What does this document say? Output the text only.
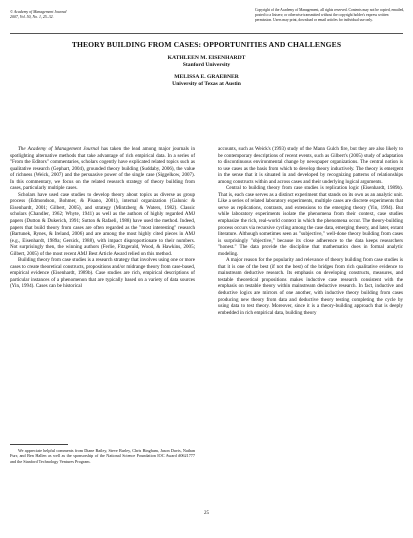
© Academy of Management Journal
2007, Vol. 50, No. 1, 25–32.
Copyright of the Academy of Management, all rights reserved. Contents may not be copied, emailed, posted to a listserv, or otherwise transmitted without the copyright holder's express written permission. Users may print, download or email articles for individual use only.
THEORY BUILDING FROM CASES: OPPORTUNITIES AND CHALLENGES
KATHLEEN M. EISENHARDT
Stanford University
MELISSA E. GRAEBNER
University of Texas at Austin

The Academy of Management Journal has taken the lead among major journals in spotlighting alternative methods that take advantage of rich empirical data. In a series of "From the Editors" commentaries, scholars cogently have explicated related topics such as qualitative research (Gephart, 2004), grounded theory building (Suddaby, 2006), the value of richness (Weick, 2007) and the persuasive power of the single case (Siggelkow, 2007). In this commentary, we focus on the related research strategy of theory building from cases, particularly multiple cases.

Scholars have used case studies to develop theory about topics as diverse as group process (Edmondson, Bohmer, & Pisano, 2001), internal organization (Galunic & Eisenhardt, 2001; Gilbert, 2005), and strategy (Mintzberg & Waters, 1982). Classic scholars (Chandler, 1962; Whyte, 1941) as well as the authors of highly regarded AMJ papers (Dutton & Dukerich, 1991; Sutton & Rafaeli, 1988) have used the method. Indeed, papers that build theory from cases are often regarded as the "most interesting" research (Bartunek, Rynes, & Ireland, 2006) and are among the most highly cited pieces in AMJ (e.g., Eisenhardt, 1989a; Gersick, 1988), with impact disproportionate to their numbers. Not surprisingly then, the winning authors (Ferlie, Fitzgerald, Wood, & Hawkins, 2005; Gilbert, 2005) of the most recent AMJ Best Article Award relied on this method.

Building theory from case studies is a research strategy that involves using one or more cases to create theoretical constructs, propositions and/or midrange theory from case-based, empirical evidence (Eisenhardt, 1989b). Case studies are rich, empirical descriptions of particular instances of a phenomenon that are typically based on a variety of data sources (Yin, 1994). Cases can be historical

accounts, such as Weick's (1993) study of the Mann Gulch fire, but they are also likely to be contemporary descriptions of recent events, such as Gilbert's (2005) study of adaptation to discontinuous environmental change by newspaper organizations. The central notion is to use cases as the basis from which to develop theory inductively. The theory is emergent in the sense that it is situated in and developed by recognizing patterns of relationships among constructs within and across cases and their underlying logical arguments.

Central to building theory from case studies is replication logic (Eisenhardt, 1989b). That is, each case serves as a distinct experiment that stands on its own as an analytic unit. Like a series of related laboratory experiments, multiple cases are discrete experiments that serve as replications, contrasts, and extensions to the emerging theory (Yin, 1994). But while laboratory experiments isolate the phenomena from their context, case studies emphasize the rich, real-world context in which the phenomena occur. The theory-building process occurs via recursive cycling among the case data, emerging theory, and later, extant literature. Although sometimes seen as "subjective," well-done theory building from cases is surprisingly "objective," because its close adherence to the data keeps researchers "honest." The data provide the discipline that mathematics does in formal analytic modeling.

A major reason for the popularity and relevance of theory building from case studies is that it is one of the best (if not the best) of the bridges from rich qualitative evidence to mainstream deductive research. Its emphasis on developing constructs, measures, and testable theoretical propositions makes inductive case research consistent with the emphasis on testable theory within mainstream deductive research. In fact, inductive and deductive logics are mirrors of one another, with inductive theory building from cases producing new theory from data and deductive theory testing completing the cycle by using data to test theory. Moreover, since it is a theory-building approach that is deeply embedded in rich empirical data, building theory

We appreciate helpful comments from Diane Bailey, Steve Barley, Chris Bingham, Jason Davis, Nathan Furr, and Ben Hallen as well as the sponsorship of the National Science Foundation IOC Award #0621777 and the Stanford Technology Ventures Program.
25
